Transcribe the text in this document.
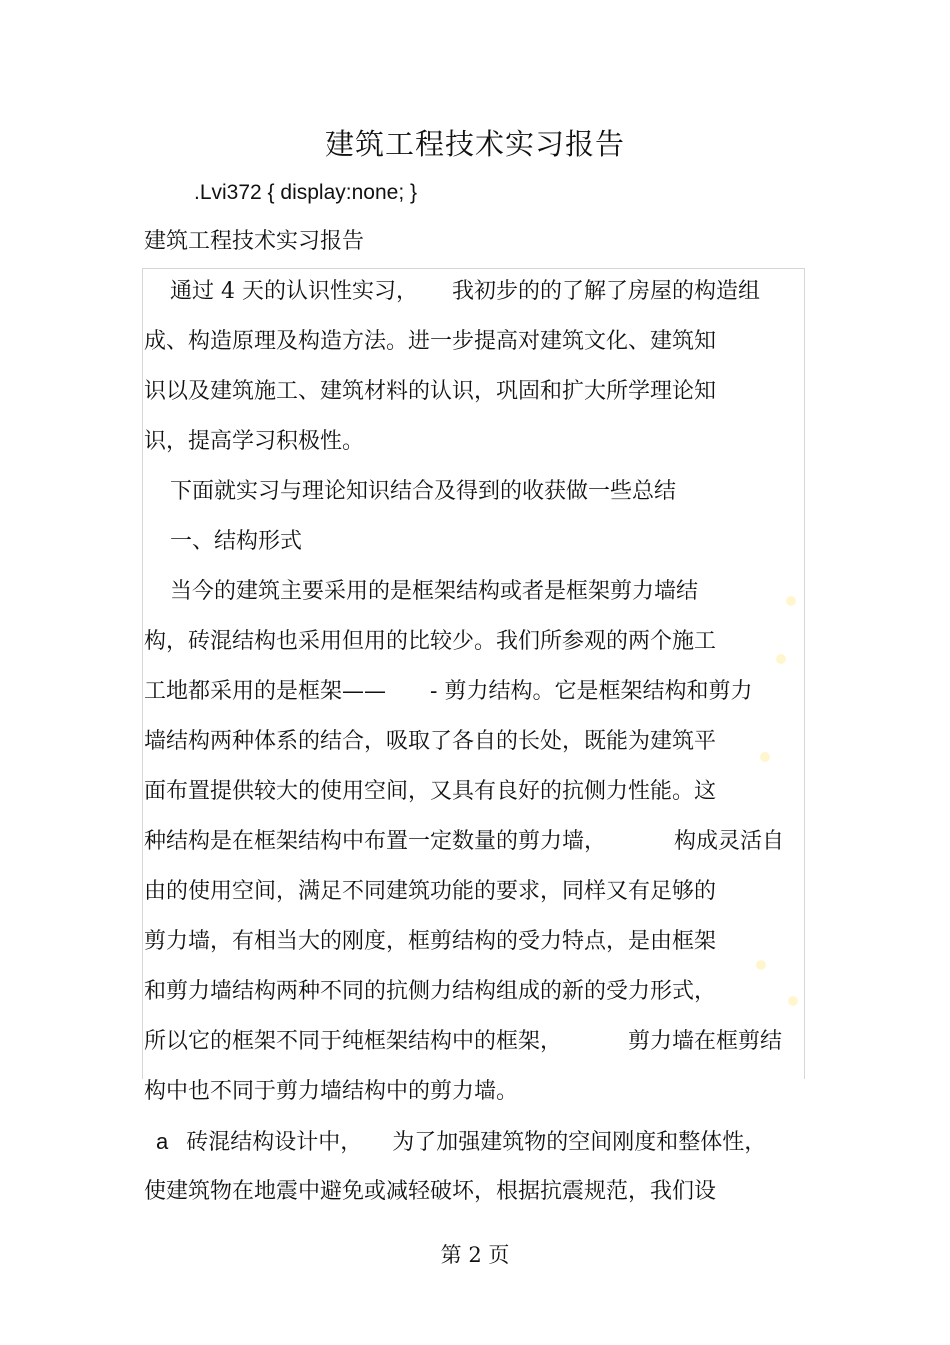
建筑工程技术实习报告
.Lvi372 { display:none; }
建筑工程技术实习报告
通过 4 天的认识性实习， 我初步的的了解了房屋的构造组
成、构造原理及构造方法。进一步提高对建筑文化、建筑知
识以及建筑施工、建筑材料的认识，巩固和扩大所学理论知
识，提高学习积极性。
下面就实习与理论知识结合及得到的收获做一些总结
一、结构形式
当今的建筑主要采用的是框架结构或者是框架剪力墙结
构，砖混结构也采用但用的比较少。我们所参观的两个施工
工地都采用的是框架—— - 剪力结构。它是框架结构和剪力
墙结构两种体系的结合，吸取了各自的长处，既能为建筑平
面布置提供较大的使用空间，又具有良好的抗侧力性能。这
种结构是在框架结构中布置一定数量的剪力墙，	构成灵活自
由的使用空间，满足不同建筑功能的要求，同样又有足够的
剪力墙，有相当大的刚度，框剪结构的受力特点，是由框架
和剪力墙结构两种不同的抗侧力结构组成的新的受力形式，
所以它的框架不同于纯框架结构中的框架，	剪力墙在框剪结
构中也不同于剪力墙结构中的剪力墙。
a 砖混结构设计中， 为了加强建筑物的空间刚度和整体性，
使建筑物在地震中避免或减轻破坏，根据抗震规范，我们设
第 2 页
